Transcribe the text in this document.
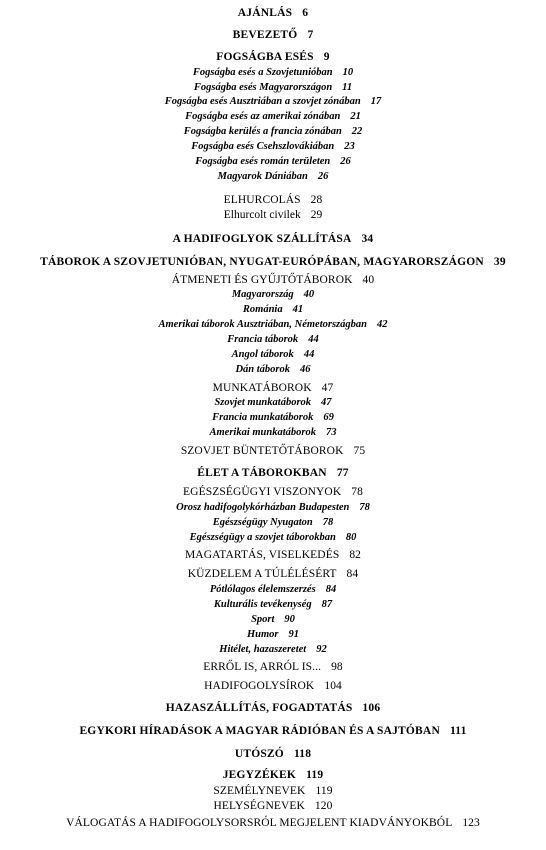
AJÁNLÁS 6
BEVEZETŐ 7
FOGSÁGBA ESÉS 9
Fogságba esés a Szovjetunióban 10
Fogságba esés Magyarországon 11
Fogságba esés Ausztriában a szovjet zónában 17
Fogságba esés az amerikai zónában 21
Fogságba kerülés a francia zónában 22
Fogságba esés Csehszlovákiában 23
Fogságba esés román területen 26
Magyarok Dániában 26
ELHURCOLÁS 28
Elhurcolt civilek 29
A HADIFOGLYOK SZÁLLÍTÁSA 34
TÁBOROK A SZOVJETUNIÓBAN, NYUGAT-EURÓPÁBAN, MAGYARORSZÁGON 39
ÁTMENETI ÉS GYŰJTŐTÁBOROK 40
Magyarország 40
Románia 41
Amerikai táborok Ausztriában, Németországban 42
Francia táborok 44
Angol táborok 44
Dán táborok 46
MUNKATÁBOROK 47
Szovjet munkatáborok 47
Francia munkatáborok 69
Amerikai munkatáborok 73
SZOVJET BÜNTETŐTÁBOROK 75
ÉLET A TÁBOROKBAN 77
EGÉSZSÉGÜGYI VISZONYOK 78
Orosz hadifogolykórházban Budapesten 78
Egészségügy Nyugaton 78
Egészségügy a szovjet táborokban 80
MAGATARTÁS, VISELKEDÉS 82
KÜZDELEM A TÚLÉLÉSÉRT 84
Pótlólagos élelemszerzés 84
Kulturális tevékenység 87
Sport 90
Humor 91
Hitélet, hazaszeretet 92
ERRŐL IS, ARRÓL IS... 98
HADIFOGOLYSÍROK 104
HAZASZÁLLÍTÁS, FOGADTATÁS 106
EGYKORI HÍRADÁSOK A MAGYAR RÁDIÓBAN ÉS A SAJTÓBAN 111
UTÓSZÓ 118
JEGYZÉKEK 119
SZEMÉLYNEVEK 119
HELYSÉGNEVEK 120
VÁLOGATÁS A HADIFOGOLYSORSRÓL MEGJELENT KIADVÁNYOKBÓL 123
